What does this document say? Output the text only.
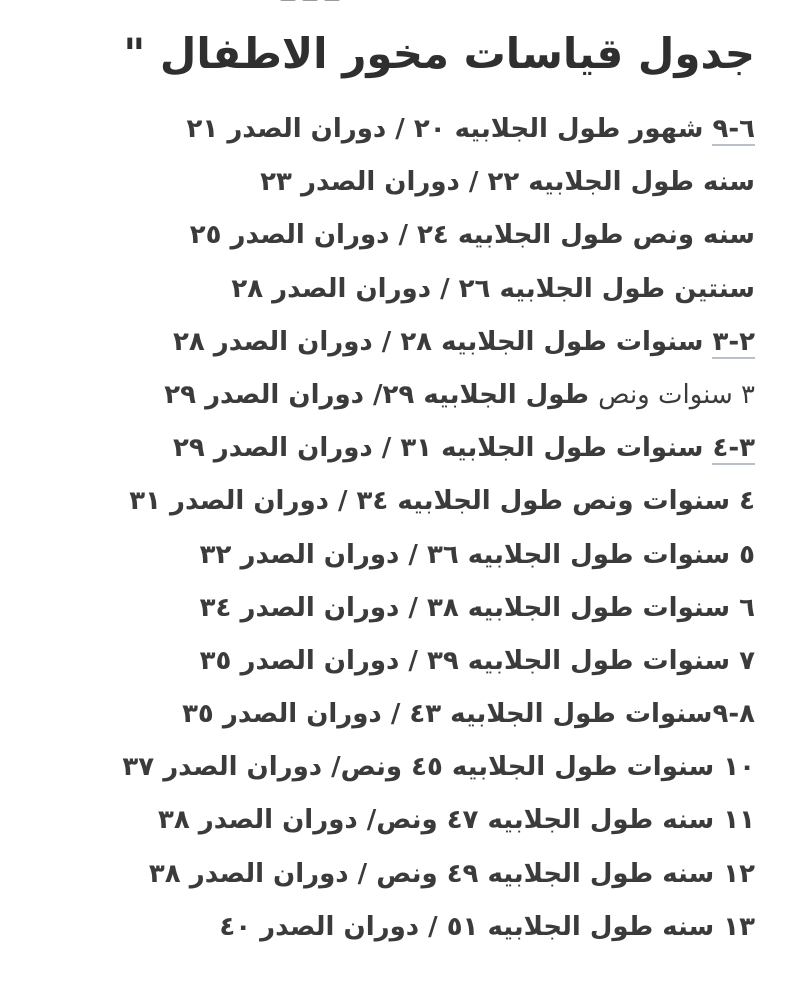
جدول قياسات مخور الاطفال "
٦-٩ شهور طول الجلابيه ٢٠ / دوران الصدر ٢١
سنه طول الجلابيه ٢٢ / دوران الصدر ٢٣
سنه ونص طول الجلابيه ٢٤ / دوران الصدر ٢٥
سنتين طول الجلابيه ٢٦ / دوران الصدر ٢٨
٢-٣ سنوات طول الجلابيه ٢٨ / دوران الصدر ٢٨
٣ سنوات ونص طول الجلابيه ٢٩/ دوران الصدر ٢٩
٣-٤ سنوات طول الجلابيه ٣١ / دوران الصدر ٢٩
٤ سنوات ونص طول الجلابيه ٣٤ / دوران الصدر ٣١
٥ سنوات طول الجلابيه ٣٦ / دوران الصدر ٣٢
٦ سنوات طول الجلابيه ٣٨ / دوران الصدر ٣٤
٧ سنوات طول الجلابيه ٣٩ / دوران الصدر ٣٥
٨-٩سنوات طول الجلابيه ٤٣ / دوران الصدر ٣٥
١٠ سنوات طول الجلابيه ٤٥ ونص/ دوران الصدر ٣٧
١١ سنه طول الجلابيه ٤٧ ونص/ دوران الصدر ٣٨
١٢ سنه طول الجلابيه ٤٩ ونص / دوران الصدر ٣٨
١٣ سنه طول الجلابيه ٥١ / دوران الصدر ٤٠
